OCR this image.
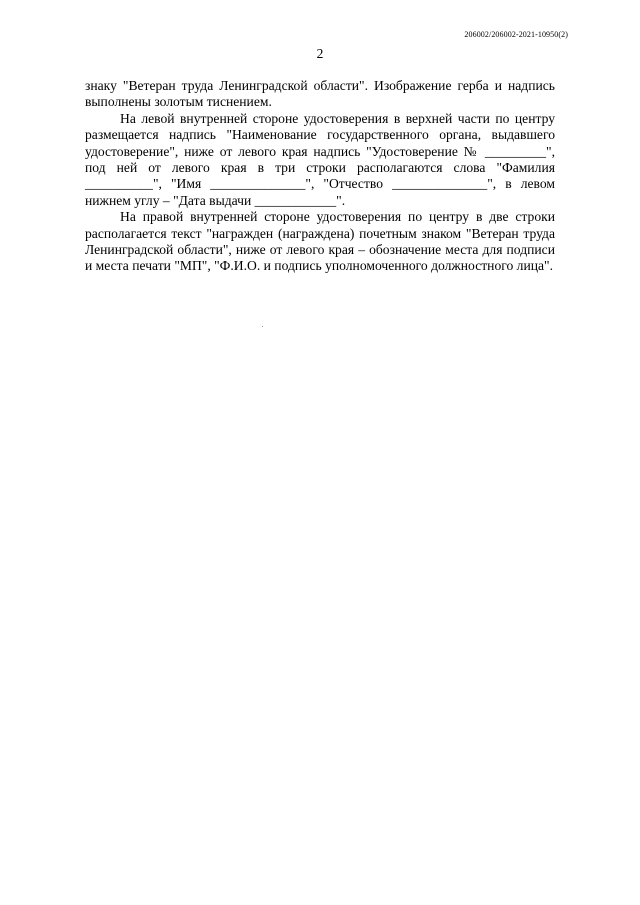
206002/206002-2021-10950(2)
2

знаку "Ветеран труда Ленинградской области". Изображение герба и надпись выполнены золотым тиснением.

На левой внутренней стороне удостоверения в верхней части по центру размещается надпись "Наименование государственного органа, выдавшего удостоверение", ниже от левого края надпись "Удостоверение № _________", под ней от левого края в три строки располагаются слова "Фамилия __________", "Имя ______________", "Отчество ______________", в левом нижнем углу – "Дата выдачи ____________".

На правой внутренней стороне удостоверения по центру в две строки располагается текст "награжден (награждена) почетным знаком "Ветеран труда Ленинградской области", ниже от левого края – обозначение места для подписи и места печати "МП", "Ф.И.О. и подпись уполномоченного должностного лица".
